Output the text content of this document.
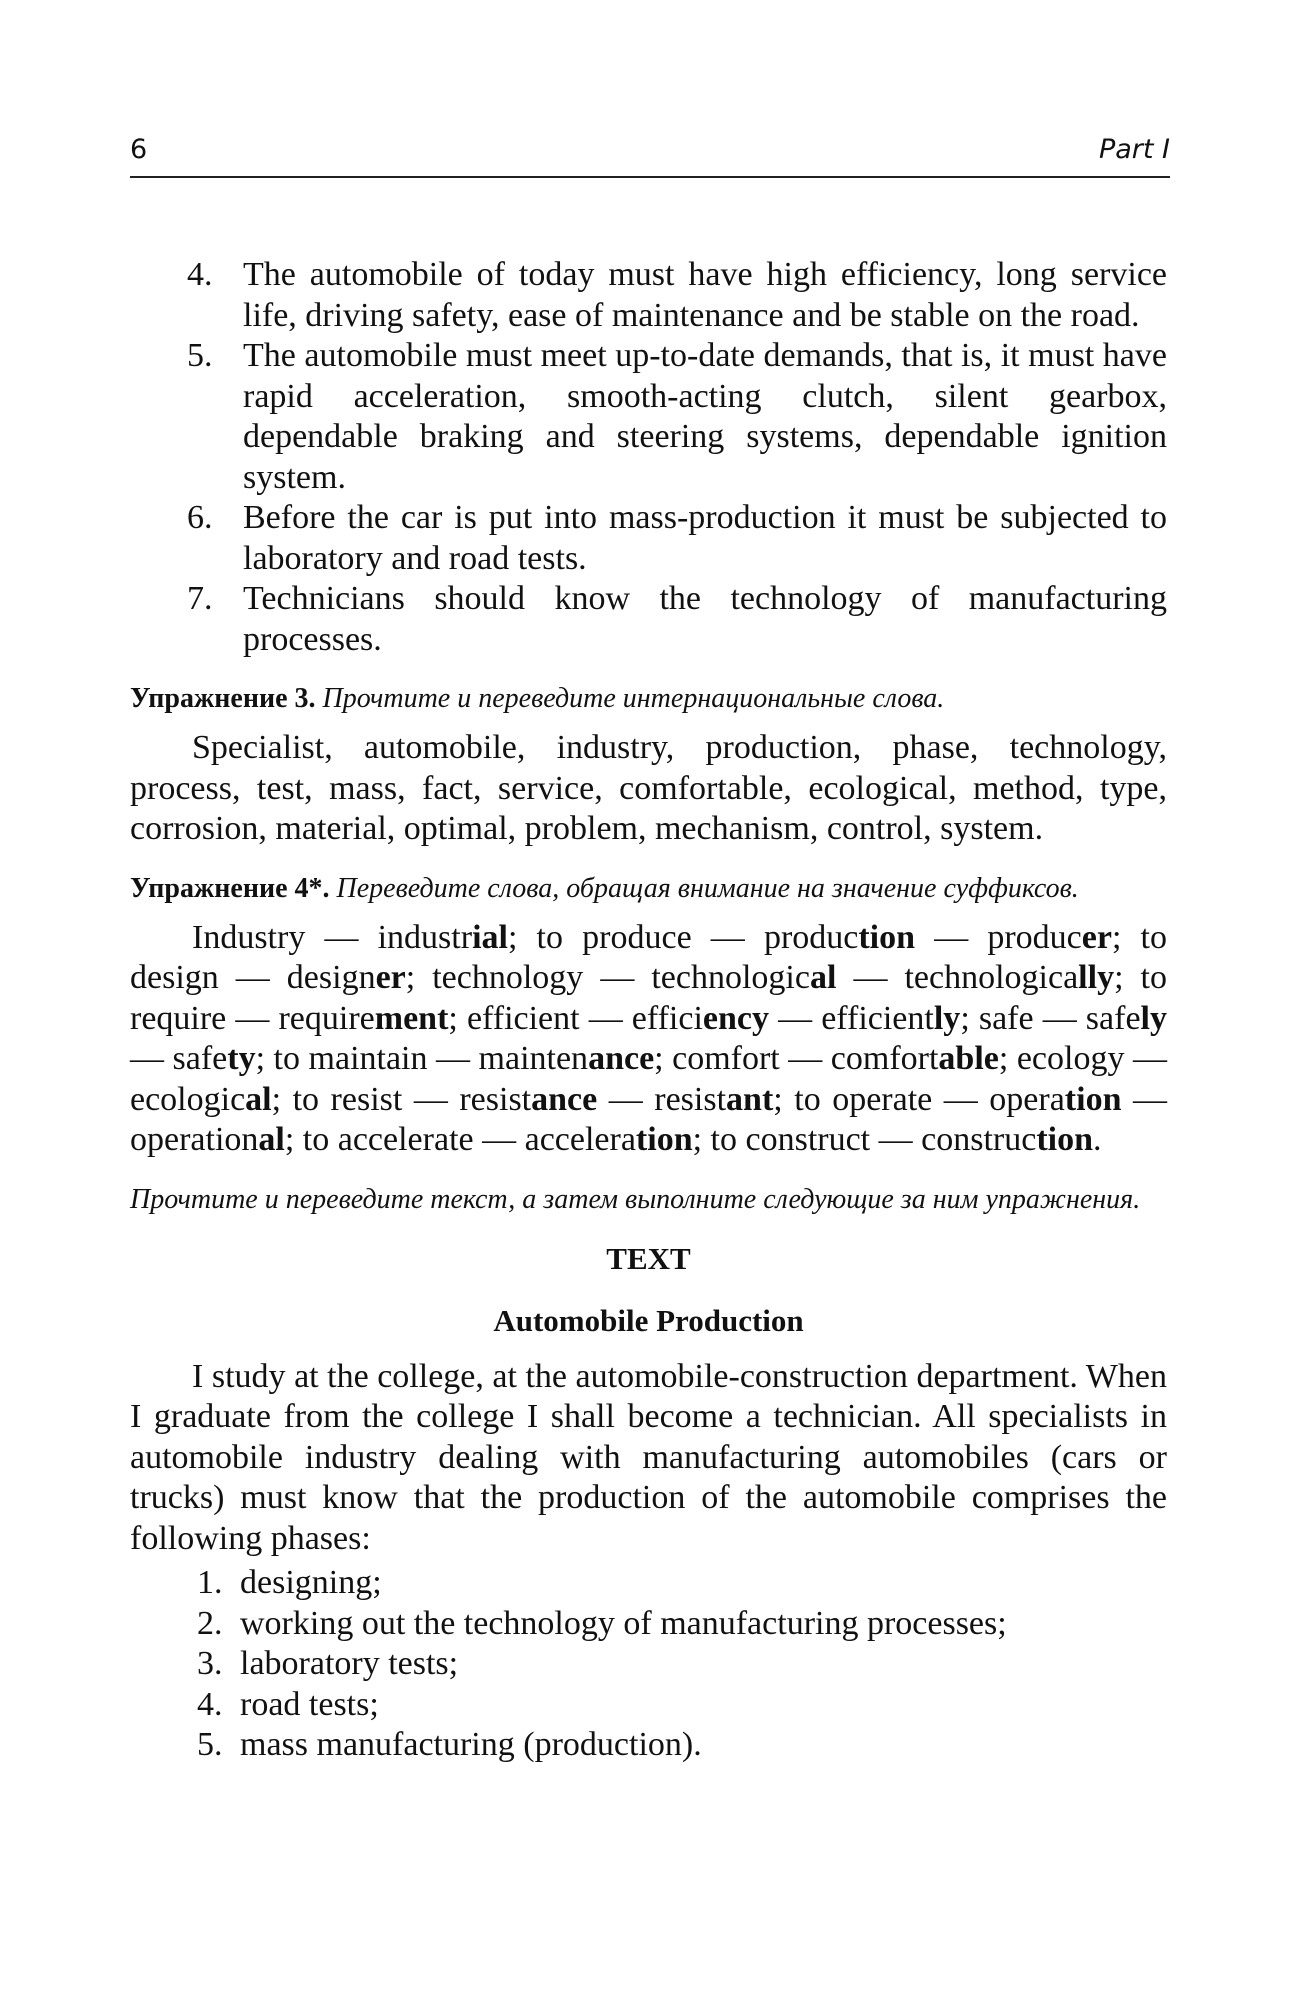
6	Part I
4. The automobile of today must have high efficiency, long service life, driving safety, ease of maintenance and be stable on the road.
5. The automobile must meet up-to-date demands, that is, it must have rapid acceleration, smooth-acting clutch, silent gearbox, dependable braking and steering systems, dependable ignition system.
6. Before the car is put into mass-production it must be subjected to laboratory and road tests.
7. Technicians should know the technology of manufacturing processes.
Упражнение 3. Прочтите и переведите интернациональные слова.
Specialist, automobile, industry, production, phase, technology, process, test, mass, fact, service, comfortable, ecological, method, type, corrosion, material, optimal, problem, mechanism, control, system.
Упражнение 4*. Переведите слова, обращая внимание на значение суффиксов.
Industry — industrial; to produce — production — producer; to design — designer; technology — technological — technologically; to require — requirement; efficient — efficiency — efficiently; safe — safely — safety; to maintain — maintenance; comfort — comfortable; ecology — ecological; to resist — resistance — resistant; to operate — operation — operational; to accelerate — acceleration; to construct — construction.
Прочтите и переведите текст, а затем выполните следующие за ним упражнения.
TEXT
Automobile Production
I study at the college, at the automobile-construction department. When I graduate from the college I shall become a technician. All specialists in automobile industry dealing with manufacturing automobiles (cars or trucks) must know that the production of the automobile comprises the following phases:
1. designing;
2. working out the technology of manufacturing processes;
3. laboratory tests;
4. road tests;
5. mass manufacturing (production).
